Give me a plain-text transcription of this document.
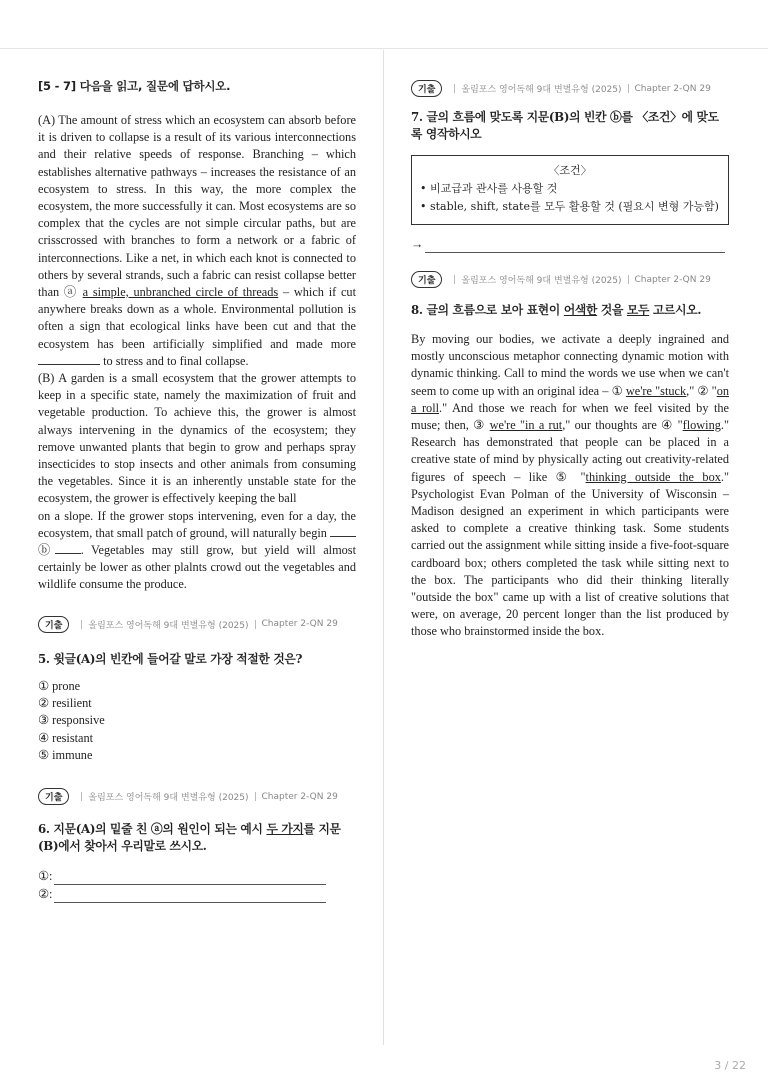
[5 - 7] 다음을 읽고, 질문에 답하시오.

(A) The amount of stress which an ecosystem can absorb before it is driven to collapse is a result of its various interconnections and their relative speeds of response. Branching – which establishes alternative pathways – increases the resistance of an ecosystem to stress. In this way, the more complex the ecosystem, the more successfully it can. Most ecosystems are so complex that the cycles are not simple circular paths, but are crisscrossed with branches to form a network or a fabric of interconnections. Like a net, in which each knot is connected to others by several strands, such a fabric can resist collapse better than ⓐ a simple, unbranched circle of threads – which if cut anywhere breaks down as a whole. Environmental pollution is often a sign that ecological links have been cut and that the ecosystem has been artificially simplified and made more  to stress and to final collapse.

(B) A garden is a small ecosystem that the grower attempts to keep in a specific state, namely the maximization of fruit and vegetable production. To achieve this, the grower is almost always intervening in the dynamics of the ecosystem; they remove unwanted plants that begin to grow and perhaps spray insecticides to stop insects and other animals from consuming the vegetables. Since it is an inherently unstable state for the ecosystem, the grower is effectively keeping the ball

on a slope. If the grower stops intervening, even for a day, the ecosystem, that small patch of ground, will naturally begin ⓑ . Vegetables may still grow, but yield will almost certainly be lower as other plalnts crowd out the vegetables and wildlife consume the produce.

기출	올림포스 영어독해 9대 변별유형 (2025) Chapter 2-QN 29
5. 윗글(A)의 빈칸에 들어갈 말로 가장 적절한 것은?
① prone
② resilient
③ responsive
④ resistant
⑤ immune
기출	올림포스 영어독해 9대 변별유형 (2025) Chapter 2-QN 29
6. 지문(A)의 밑줄 친 ⓐ의 원인이 되는 예시 두 가지를 지문 (B)에서 찾아서 우리말로 쓰시오.
①:
②:
기출	올림포스 영어독해 9대 변별유형 (2025) Chapter 2-QN 29
7. 글의 흐름에 맞도록 지문(B)의 빈칸 ⓑ를 〈조건〉에 맞도록 영작하시오
〈조건〉
• 비교급과 관사를 사용할 것
• stable, shift, state를 모두 활용할 것 (필요시 변형 가능함)
→
기출	올림포스 영어독해 9대 변별유형 (2025) Chapter 2-QN 29
8. 글의 흐름으로 보아 표현이 어색한 것을 모두 고르시오.
By moving our bodies, we activate a deeply ingrained and mostly unconscious metaphor connecting dynamic motion with dynamic thinking. Call to mind the words we use when we can't seem to come up with an original idea – ① we're "stuck," ② "on a roll." And those we reach for when we feel visited by the muse; then, ③ we're "in a rut," our thoughts are ④ "flowing." Research has demonstrated that people can be placed in a creative state of mind by physically acting out creativity-related figures of speech – like ⑤ "thinking outside the box." Psychologist Evan Polman of the University of Wisconsin – Madison designed an experiment in which participants were asked to complete a creative thinking task. Some students carried out the assignment while sitting inside a five-foot-square cardboard box; others completed the task while sitting next to the box. The participants who did their thinking literally "outside the box" came up with a list of creative solutions that were, on average, 20 percent longer than the list produced by those who brainstormed inside the box.
3 / 22
